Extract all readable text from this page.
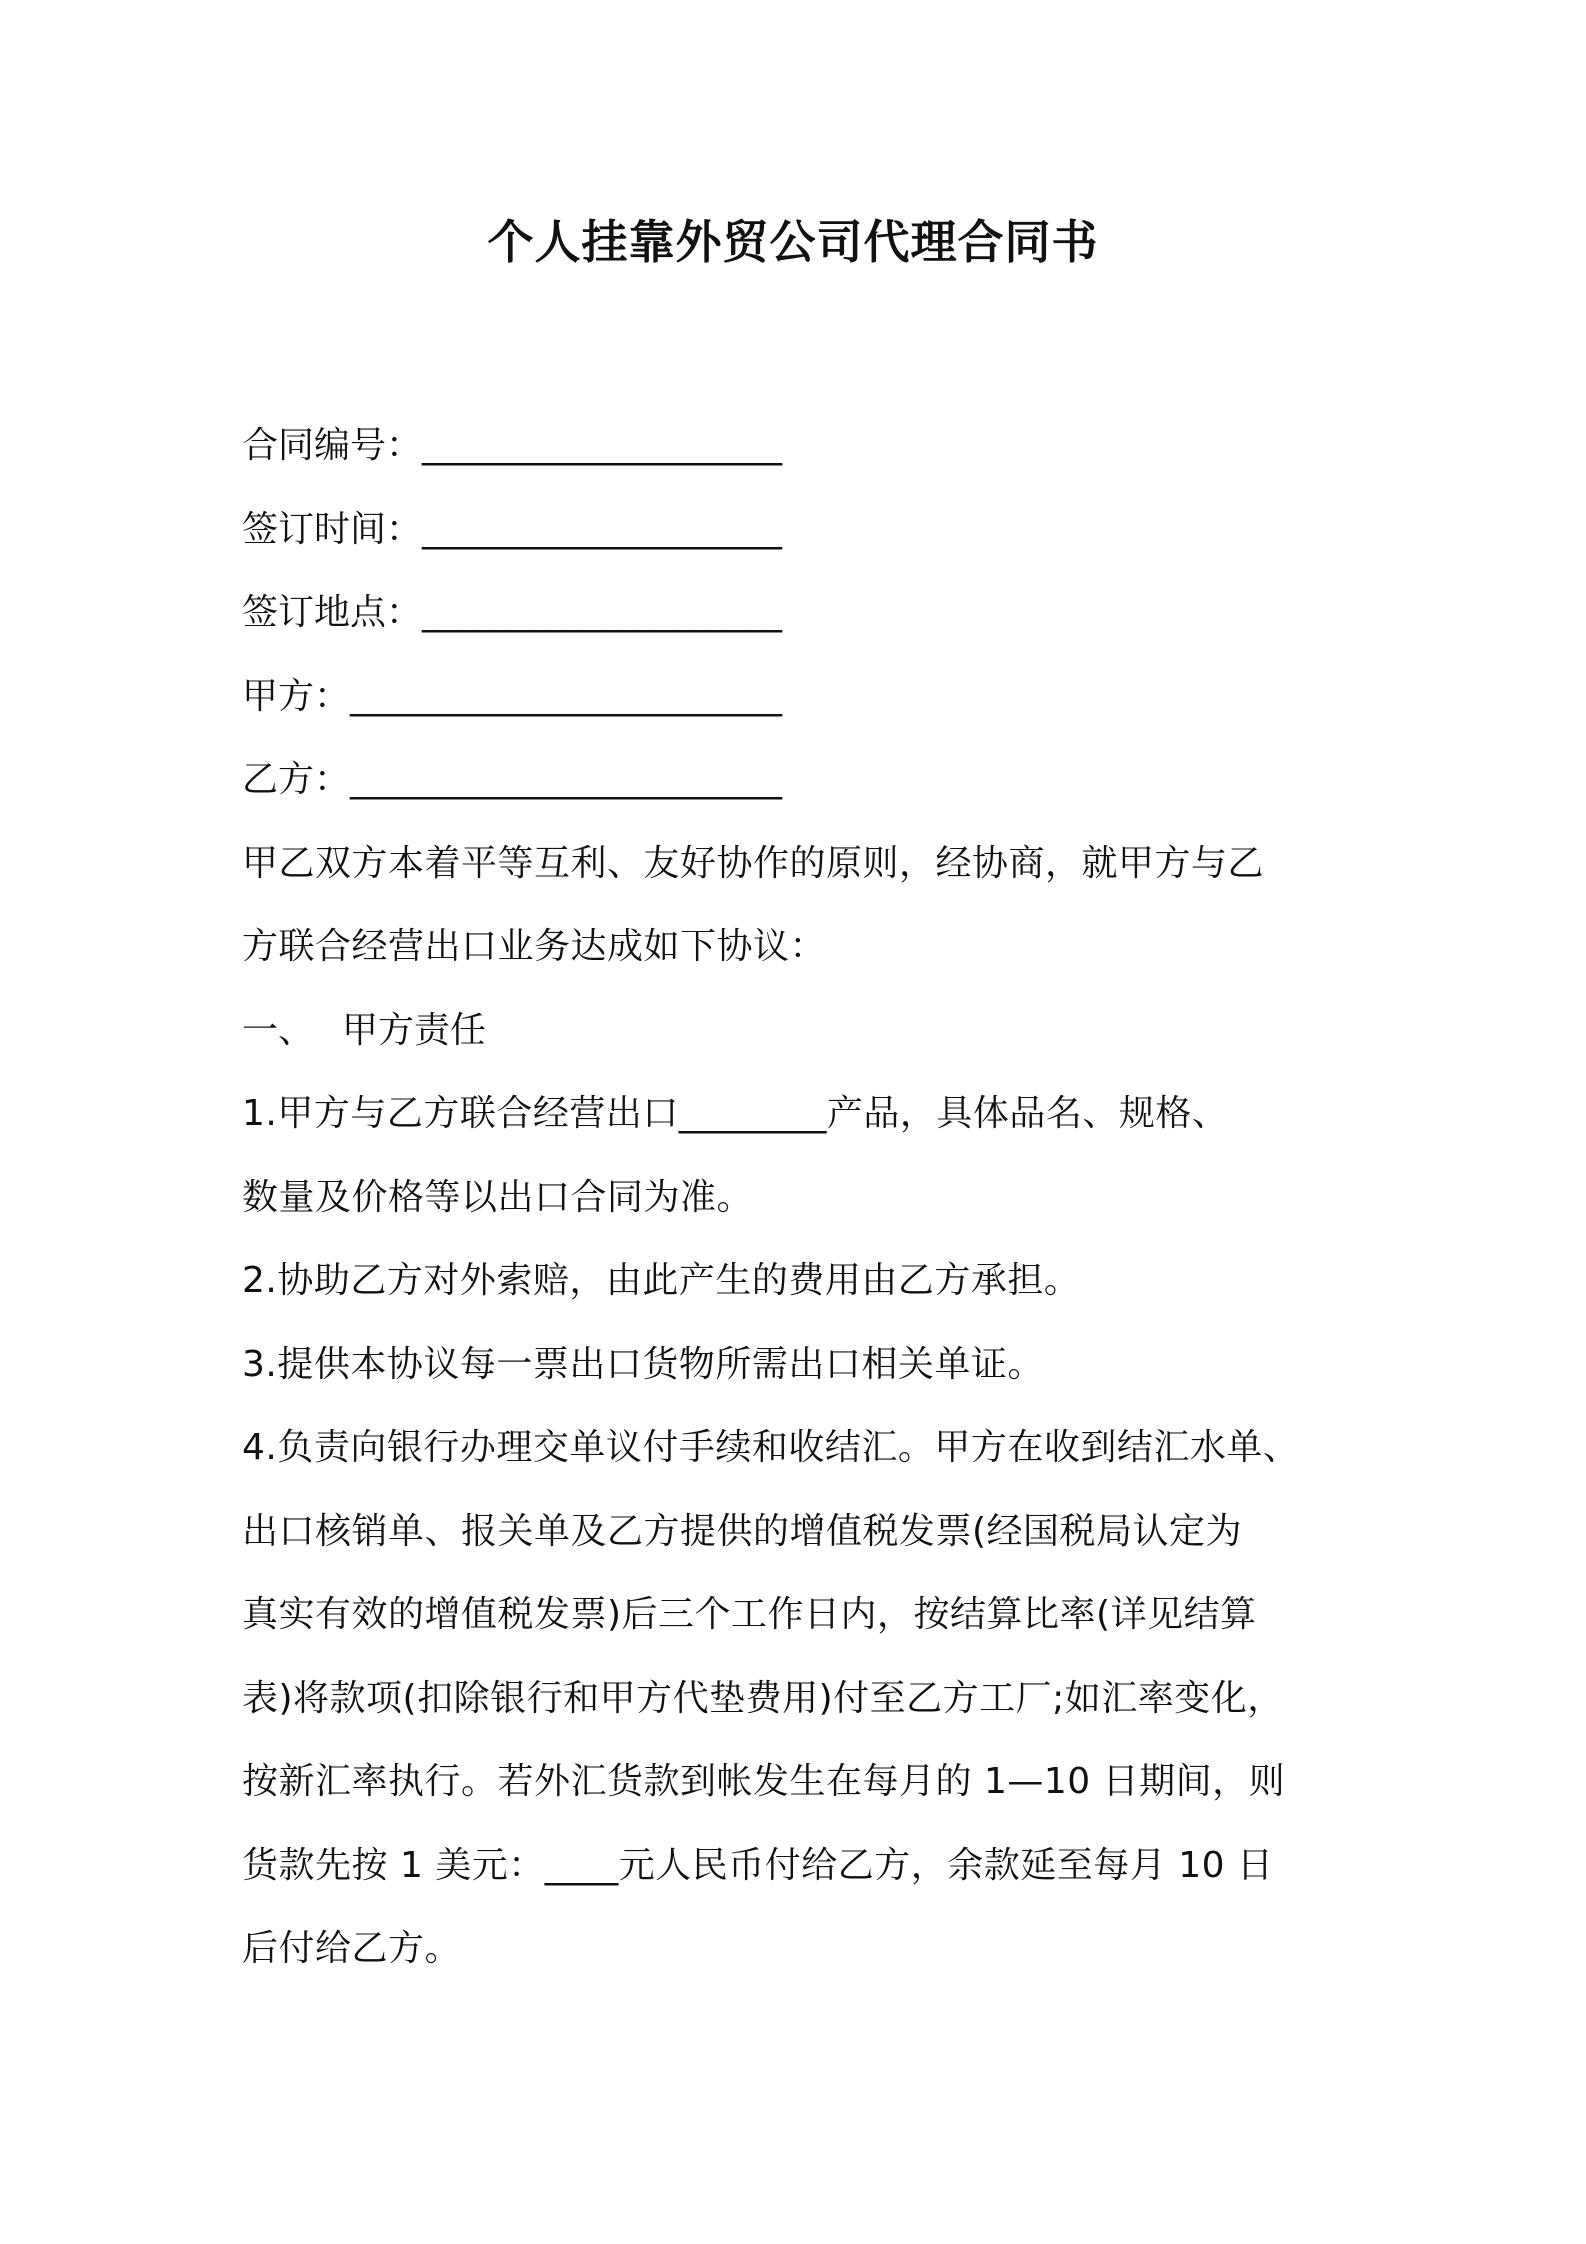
个人挂靠外贸公司代理合同书
合同编号：____________________
签订时间：____________________
签订地点：____________________
甲方：________________________
乙方：________________________
甲乙双方本着平等互利、友好协作的原则，经协商，就甲方与乙
方联合经营出口业务达成如下协议：
一、 甲方责任
1.甲方与乙方联合经营出口________产品，具体品名、规格、
数量及价格等以出口合同为准。
2.协助乙方对外索赔，由此产生的费用由乙方承担。
3.提供本协议每一票出口货物所需出口相关单证。
4.负责向银行办理交单议付手续和收结汇。甲方在收到结汇水单、
出口核销单、报关单及乙方提供的增值税发票(经国税局认定为
真实有效的增值税发票)后三个工作日内，按结算比率(详见结算
表)将款项(扣除银行和甲方代垫费用)付至乙方工厂;如汇率变化，
按新汇率执行。若外汇货款到帐发生在每月的 1—10 日期间，则
货款先按 1 美元：____元人民币付给乙方，余款延至每月 10 日
后付给乙方。
